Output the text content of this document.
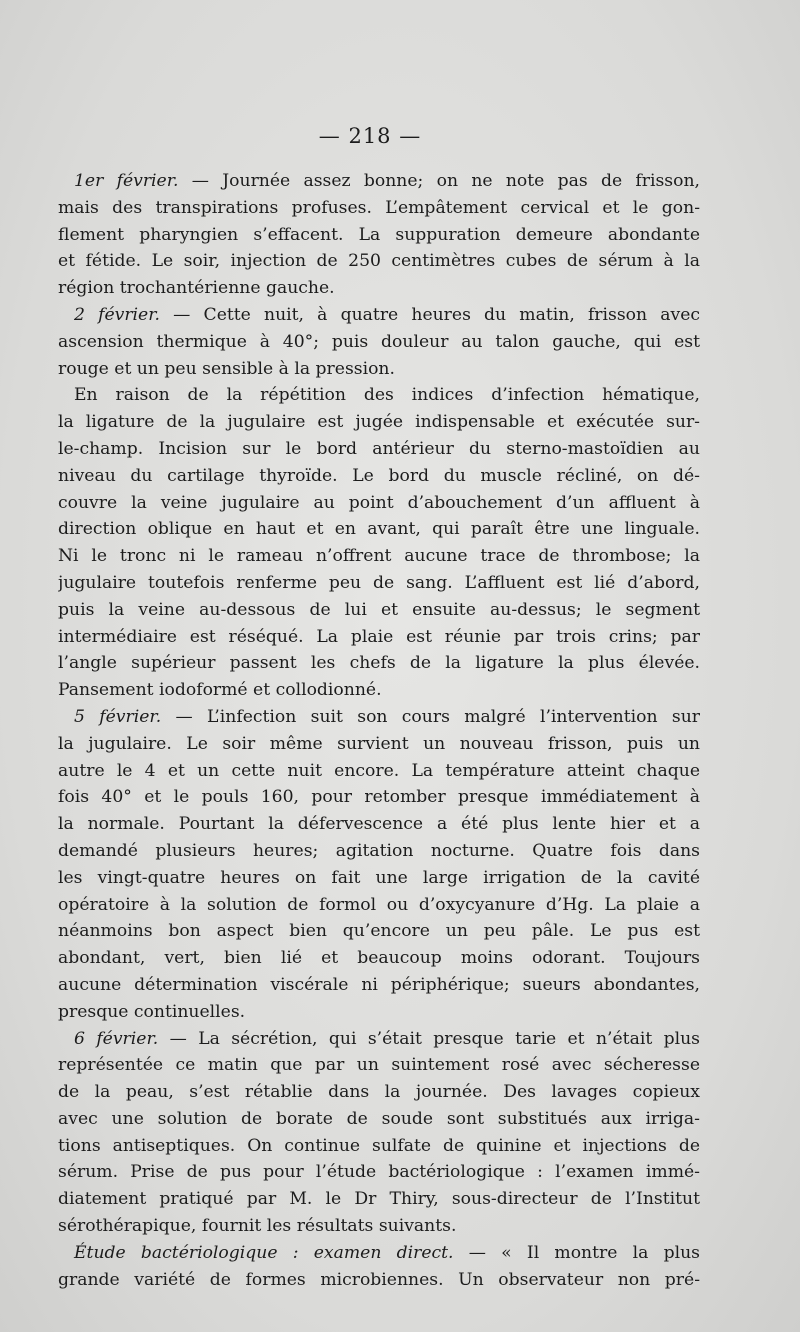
— 218 —
1er février. — Journée assez bonne; on ne note pas de frisson,
mais des transpirations profuses. L’empâtement cervical et le gon-
flement pharyngien s’effacent. La suppuration demeure abondante
et fétide. Le soir, injection de 250 centimètres cubes de sérum à la
région trochantérienne gauche.
2 février. — Cette nuit, à quatre heures du matin, frisson avec
ascension thermique à 40°; puis douleur au talon gauche, qui est
rouge et un peu sensible à la pression.
En raison de la répétition des indices d’infection hématique,
la ligature de la jugulaire est jugée indispensable et exécutée sur-
le-champ. Incision sur le bord antérieur du sterno-mastoïdien au
niveau du cartilage thyroïde. Le bord du muscle récliné, on dé-
couvre la veine jugulaire au point d’abouchement d’un affluent à
direction oblique en haut et en avant, qui paraît être une linguale.
Ni le tronc ni le rameau n’offrent aucune trace de thrombose; la
jugulaire toutefois renferme peu de sang. L’affluent est lié d’abord,
puis la veine au-dessous de lui et ensuite au-dessus; le segment
intermédiaire est réséqué. La plaie est réunie par trois crins; par
l’angle supérieur passent les chefs de la ligature la plus élevée.
Pansement iodoformé et collodionné.
5 février. — L’infection suit son cours malgré l’intervention sur
la jugulaire. Le soir même survient un nouveau frisson, puis un
autre le 4 et un cette nuit encore. La température atteint chaque
fois 40° et le pouls 160, pour retomber presque immédiatement à
la normale. Pourtant la défervescence a été plus lente hier et a
demandé plusieurs heures; agitation nocturne. Quatre fois dans
les vingt-quatre heures on fait une large irrigation de la cavité
opératoire à la solution de formol ou d’oxycyanure d’Hg. La plaie a
néanmoins bon aspect bien qu’encore un peu pâle. Le pus est
abondant, vert, bien lié et beaucoup moins odorant. Toujours
aucune détermination viscérale ni périphérique; sueurs abondantes,
presque continuelles.
6 février. — La sécrétion, qui s’était presque tarie et n’était plus
représentée ce matin que par un suintement rosé avec sécheresse
de la peau, s’est rétablie dans la journée. Des lavages copieux
avec une solution de borate de soude sont substitués aux irriga-
tions antiseptiques. On continue sulfate de quinine et injections de
sérum. Prise de pus pour l’étude bactériologique : l’examen immé-
diatement pratiqué par M. le Dr Thiry, sous-directeur de l’Institut
sérothérapique, fournit les résultats suivants.
Étude bactériologique : examen direct. — « Il montre la plus
grande variété de formes microbiennes. Un observateur non pré-
